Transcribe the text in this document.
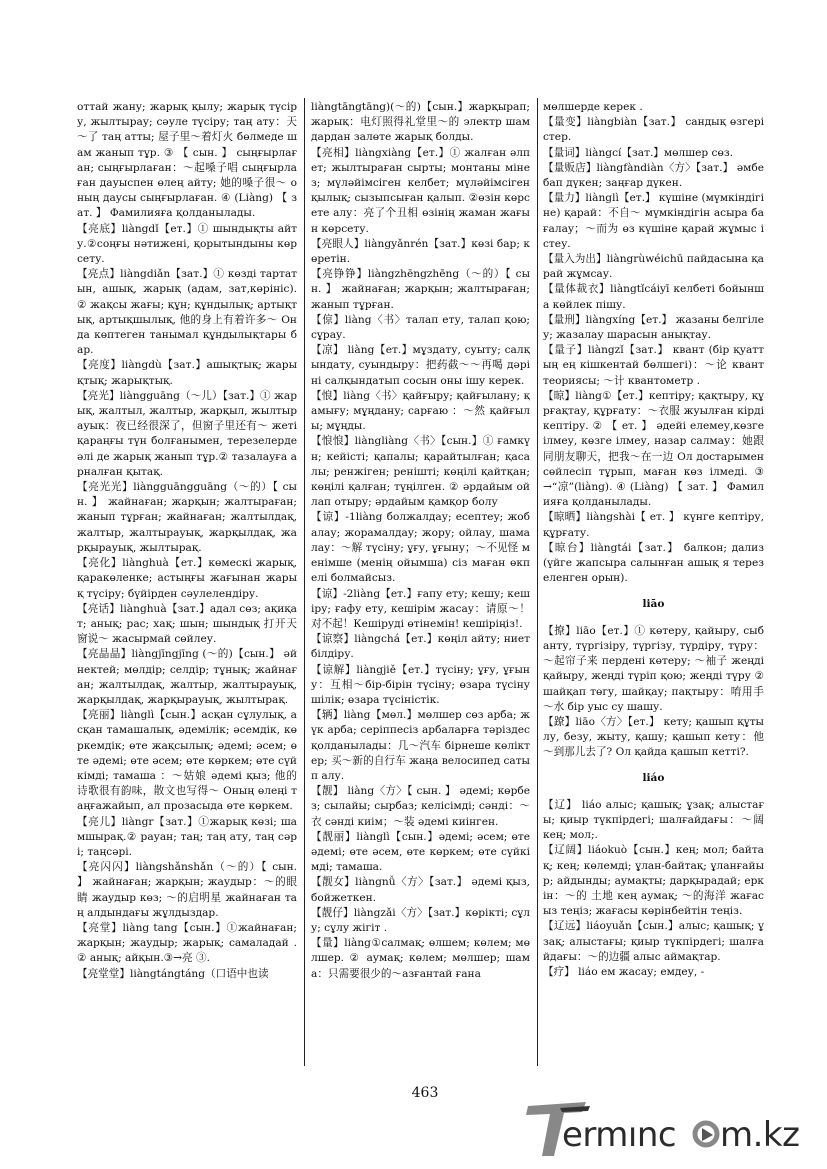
оттай жану; жарық қылу; жарық түсіру, жылтырау; сәуле түсіру; таң ату：天～了 таң атты; 屋子里～着灯火 бөлмеде шам жанып тұр. ③ 【 сын. 】 сыңғырлаған; сыңғырлаған：～起嗓子唱 сыңғырлаған дауыспен өлең айту; 她的嗓子很～ оның даусы сыңғырлаған. ④ (Liàng) 【 зат. 】 Фамилияға қолданылады.

【亮底】liàngdǐ【ет.】① шындықты айту.②соңғы нәтижені, қорытындыны көрсету.

【亮点】liàngdiǎn【зат.】① көзді тартатын, ашық, жарық (адам, зат,көрініс). ② жақсы жағы; құн; құндылық; артықтық, артықшылық, 他的身上有着许多～ Онда көптеген танымал құндылықтары бар.

【亮度】liàngdù【зат.】ашықтық; жарықтық; жарықтық.

【亮光】liàngguāng（～儿）【зат.】① жарық, жалтыл, жалтыр, жарқыл, жылтырауық：夜已经很深了，但窗子里还有～ жеті қараңғы түн болғанымен, терезелерде әлі де жарық жанып тұр.② тазалауға арналған қытақ.

【亮光光】liàngguāngguāng（～的）【 сын. 】 жайнаған; жарқын; жалтыраған; жанып тұрған; жайнаған; жалтылдақ, жалтыр, жалтырауық, жарқылдақ, жарқырауық, жылтырақ.

【亮化】liànghuà【ет.】көмескі жарық, қаракөленке; астыңғы жағынан жарық түсіру; бүйірден сәулелендіру.

【亮话】liànghuà【зат.】адал сөз; ақиқат; анық; рас; хақ; шын; шындық 打开天窗说～ жасырмай сөйлеу.

【亮晶晶】liàngjīngjīng (～的)【сын.】 әйнектей; мөлдір; селдір; тұнық; жайнаған; жалтылдақ, жалтыр, жалтырауық, жарқылдақ, жарқырауық, жылтырақ.

【亮丽】liànglì【сын.】асқан сұлулық, асқан тамашалық, әдемілік; әсемдік, көркемдік; өте жақсылық; әдемі; әсем; өте әдемі; өте әсем; өте көркем; өте сүйкімді; тамаша ：～姑娘 әдемі қыз; 他的诗歌很有韵味，散文也写得～ Оның өлеңі таңғажайып, ал прозасыда өте көркем.

【亮儿】liàngr【зат.】①жарық көзі; шамшырақ.② рауан; таң; таң ату, таң сәрі; таңсәрі.

【亮闪闪】liàngshǎnshǎn（～的）【 сын. 】 жайнаған; жарқын; жаудыр：～的眼睛 жаудыр көз; ～的启明星 жайнаған таң алдындағы жұлдыздар.

【亮堂】liàng tang【сын.】①жайнаған; жарқын; жаудыр; жарық; самаладай .② анық; айқын.③→亮 ③.

【亮堂堂】liàngtángtáng（口语中也读

liàngtāngtāng)(～的)【сын.】жарқырап; жарық：电灯照得礼堂里～的 электр шамдардан залөте жарық болды.

【亮相】liàngxiàng【ет.】① жалған әлпет; жылтыраған сырты; монтаны мінез; мүләйімсіген келбет; мүләйімсіген қылық; сызыпсыған қалып. ②өзін көрсете алу：亮了个丑相 өзінің жаман жағын көрсету.

【亮眼人】liàngyǎnrén【зат.】көзі бар; көретін.

【亮铮铮】liàngzhēngzhēng（～的）【 сын. 】 жайнаған; жарқын; жалтыраған; жанып тұрған.

【倞】liàng〈书〉талап ету, талап қою; сұрау.

【凉】 liàng【ет.】мұздату, суыту; салқындату, суындыру：把药截～～再喝 дәріні салқындатып сосын оны ішу керек.

【悢】liàng〈书〉қайғыру; қайғылану; қамығу; мұңдану; сарғаю ：～然 қайғылы; мұңды.

【悢悢】liàngliàng〈书〉【сын.】① ғамкүн; кейісті; қапалы; қарайтылған; қасалы; ренжіген; реніштi; көңілі қайтқан; көңілі қалған; түңілген. ② әрдайым ойлап отыру; әрдайым қамқор болу

【谅】-1liàng болжалдау; есептеу; жобалау; жорамалдау; жору; ойлау, шамалау：～解 түсіну; ұғу, ұғыну；～不见怪 менімше (менің ойымша) сіз маған өкпелі болмайсыз.

【谅】-2liàng【ет.】ғапу ету; кешу; кешіру; ғафу ету, кешірім жасау：请原～！对不起！Кешіруді өтінемін! кешіріңіз!.

【谅察】liàngchá【ет.】көңіл айту; ниет білдіру.

【谅解】liàngjiě【ет.】түсіну; ұғу, ұғыну：互相～бір-бірін түсіну; өзара түсінушілік; өзара түсіністік.

【辆】liàng【мөл.】мөлшер сөз арба; жүк арба; серіппесіз арбаларға тәріздес қолданылады：几～汽车 бірнеше көліктер; 买～新的自行车 жаңа велосипед сатып алу.

【靓】 liàng〈方〉【 сын. 】 әдемі; көрбез; сылайы; сырбаз; келісімді; сәнді：～衣 сәнді киім；～装 әдемі киінген.

【靓丽】liànglì【сын.】әдемі; әсем; өте әдемі; өте әсем, өте көркем; өте сүйкімді; тамаша.

【靓女】liàngnǚ〈方〉【зат.】 әдемі қыз,бойжеткен.

【靓仔】liàngzǎi〈方〉【зат.】көрікті; сұлу; сұлу жігіт .

【量】liàng①салмақ; өлшем; көлем; мөлшер. ② аумақ; көлем; мөлшер; шама：只需要很少的～азғантай ғана

мөлшерде керек .

【量变】liàngbiàn【зат.】 сандық өзгерістер.

【量词】liàngcí【зат.】мөлшер сөз.

【量贩店】liàngfàndiàn〈方〉【зат.】 әмбебап дүкен; заңғар дүкен.

【量力】liànglì【ет.】 күшіне (мүмкіндігіне) қарай：不自～ мүмкіндігін асыра бағалау；～而为 өз күшіне қарай жұмыс істеу.

【量入为出】liàngrùwéichū пайдасына қарай жұмсау.

【量体裁衣】liàngtǐcáiyī келбеті бойынша көйлек пішу.

【量刑】liàngxíng【ет.】 жазаны белгілеу; жазалау шарасын анықтау.

【量子】liàngzǐ【зат.】 квант (бір қуаттың ең кішкентай бөлшегі)：～论 квант теориясы; ～计 квантометр .

【晾】liàng①【ет.】кептіру; қақтыру, құрғақтау, құрғату：～衣服 жуылған кірді кептіру. ② 【 ет. 】 әдейі елемеу,көзге ілмеу, көзге ілмеу, назар салмау：她跟同朋友聊天，把我～在一边 Ол достарымен сөйлесіп тұрып, маған көз ілмеді. ③→“凉”(liàng). ④ (Liàng) 【 зат. 】 Фамилияға қолданылады.

【晾晒】liàngshài【 ет. 】 күнге кептіру,құрғату.

【晾台】liàngtái【зат.】 балкон; дализ (үйге жапсыра салынған ашық я терезеленген орын).

liāo

【撩】liāo【ет.】① көтеру, қайыру, сыбанту, түргізіру, түргізу, түрдіру, түру：～起帘子来 пердені көтеру; ～袖子 жеңді қайыру, жеңді түріп қою; жеңді түру ② шайқап төгу, шайқау; пақтыру：唷用手～水 бір уыс су шашу.

【蹽】liāo〈方〉【ет.】 кету; қашып құтылу, безу, жыту, қашу; қашып кету：他～到那儿去了? Ол қайда қашып кетті?.

liáo

【辽】 liáo алыс; қашық; ұзақ; алыстағы; қиыр түкпірдегі; шалғайдағы：～阔 кең; мол;.

【辽阔】liáokuò【сын.】кең; мол; байтақ; кең; көлемді; ұлан-байтақ; ұланғайыр; айдынды; аумақты; дарқырадай; еркін：～的 土地 кең аумақ; ～的海洋 жағасыз теңіз; жағасы көрінбейтін теңіз.

【辽远】liáoyuǎn【сын.】алыс; қашық; ұзақ; алыстағы; қиыр түкпірдегі; шалғайдағы：～的边疆 алыс аймақтар.

【疗】 liáo ем жасау; емдеу, -

463
ermınc m.kz
